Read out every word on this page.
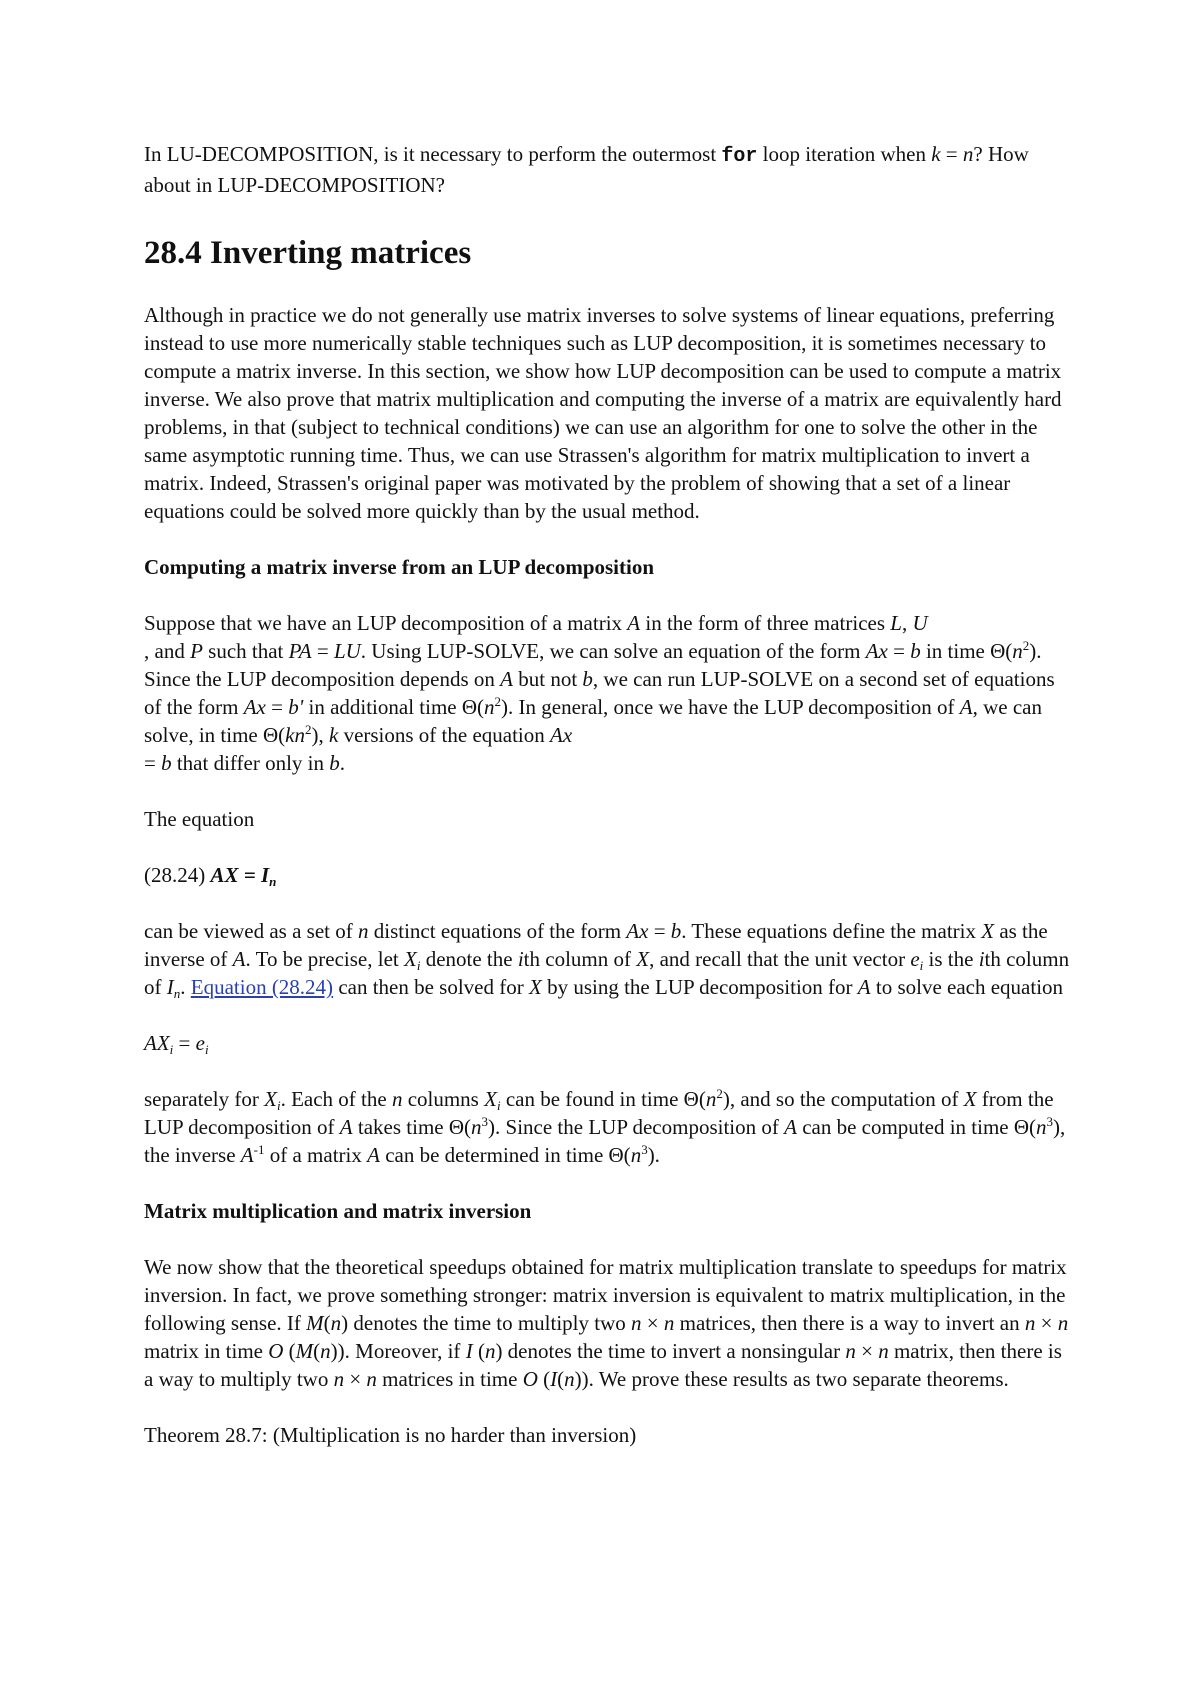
In LU-DECOMPOSITION, is it necessary to perform the outermost for loop iteration when k = n? How about in LUP-DECOMPOSITION?

28.4 Inverting matrices

Although in practice we do not generally use matrix inverses to solve systems of linear equations, preferring instead to use more numerically stable techniques such as LUP decomposition, it is sometimes necessary to compute a matrix inverse. In this section, we show how LUP decomposition can be used to compute a matrix inverse. We also prove that matrix multiplication and computing the inverse of a matrix are equivalently hard problems, in that (subject to technical conditions) we can use an algorithm for one to solve the other in the same asymptotic running time. Thus, we can use Strassen's algorithm for matrix multiplication to invert a matrix. Indeed, Strassen's original paper was motivated by the problem of showing that a set of a linear equations could be solved more quickly than by the usual method.

Computing a matrix inverse from an LUP decomposition

Suppose that we have an LUP decomposition of a matrix A in the form of three matrices L, U
, and P such that PA = LU. Using LUP-SOLVE, we can solve an equation of the form Ax = b in time $\Theta(n^2)$. Since the LUP decomposition depends on A but not b, we can run LUP-SOLVE on a second set of equations of the form Ax = b' in additional time $\Theta(n^2)$. In general, once we have the LUP decomposition of A, we can solve, in time $\Theta(kn^2)$, k versions of the equation Ax
= b that differ only in b.

The equation

(28.24) AX = $I_n$

can be viewed as a set of n distinct equations of the form Ax = b. These equations define the matrix X as the inverse of A. To be precise, let $X_i$ denote the ith column of X, and recall that the unit vector $e_i$ is the ith column of $I_n$. Equation (28.24) can then be solved for X by using the LUP decomposition for A to solve each equation

$AX_i = e_i$

separately for $X_i$. Each of the n columns $X_i$ can be found in time $\Theta(n^2)$, and so the computation of X from the LUP decomposition of A takes time $\Theta(n^3)$. Since the LUP decomposition of A can be computed in time $\Theta(n^3)$, the inverse $A^{-1}$ of a matrix A can be determined in time $\Theta(n^3)$.

Matrix multiplication and matrix inversion

We now show that the theoretical speedups obtained for matrix multiplication translate to speedups for matrix inversion. In fact, we prove something stronger: matrix inversion is equivalent to matrix multiplication, in the following sense. If M(n) denotes the time to multiply two n × n matrices, then there is a way to invert an n × n matrix in time O (M(n)). Moreover, if I (n) denotes the time to invert a nonsingular n × n matrix, then there is a way to multiply two n × n matrices in time O (I(n)). We prove these results as two separate theorems.

Theorem 28.7: (Multiplication is no harder than inversion)
